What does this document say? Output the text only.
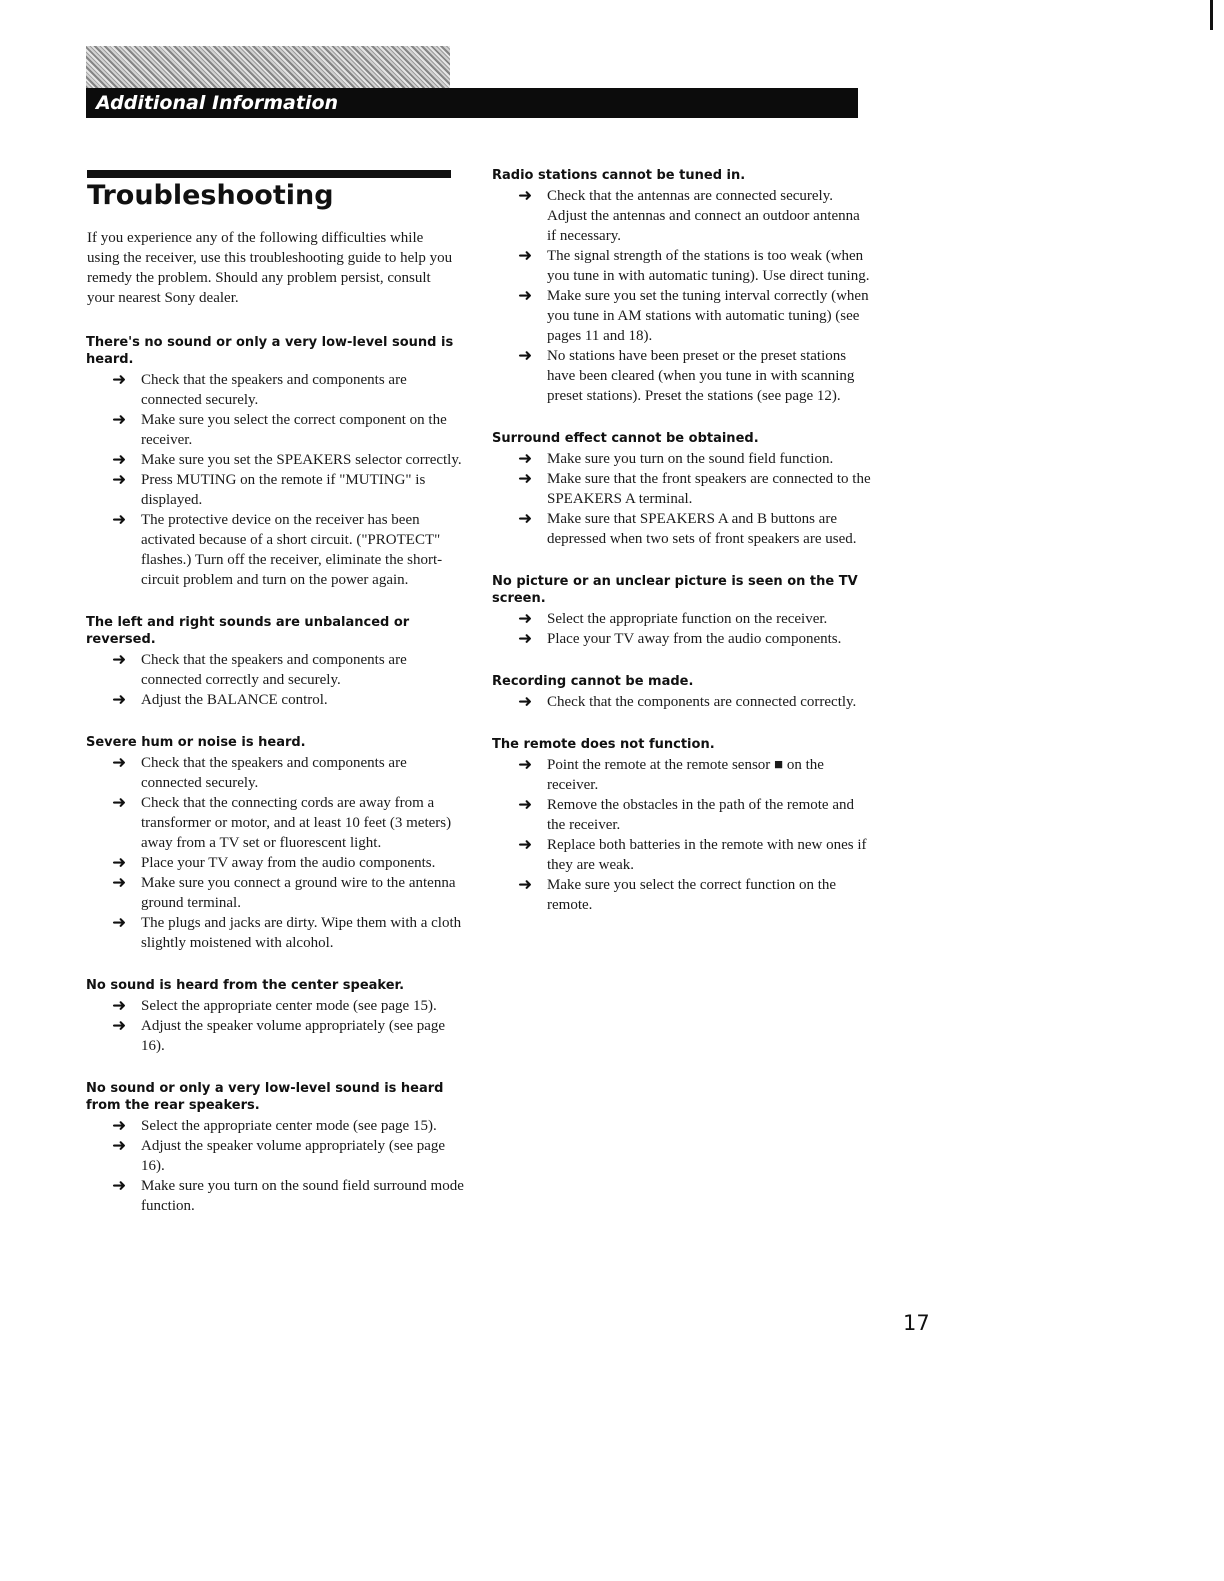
Additional Information
Troubleshooting

If you experience any of the following difficulties while using the receiver, use this troubleshooting guide to help you remedy the problem. Should any problem persist, consult your nearest Sony dealer.

There's no sound or only a very low-level sound is heard.
➜ Check that the speakers and components are connected securely.
➜ Make sure you select the correct component on the receiver.
➜ Make sure you set the SPEAKERS selector correctly.
➜ Press MUTING on the remote if "MUTING" is displayed.
➜ The protective device on the receiver has been activated because of a short circuit. ("PROTECT" flashes.) Turn off the receiver, eliminate the short-circuit problem and turn on the power again.
The left and right sounds are unbalanced or reversed.
➜ Check that the speakers and components are connected correctly and securely.
➜ Adjust the BALANCE control.
Severe hum or noise is heard.
➜ Check that the speakers and components are connected securely.
➜ Check that the connecting cords are away from a transformer or motor, and at least 10 feet (3 meters) away from a TV set or fluorescent light.
➜ Place your TV away from the audio components.
➜ Make sure you connect a ground wire to the antenna ground terminal.
➜ The plugs and jacks are dirty. Wipe them with a cloth slightly moistened with alcohol.
No sound is heard from the center speaker.
➜ Select the appropriate center mode (see page 15).
➜ Adjust the speaker volume appropriately (see page 16).
No sound or only a very low-level sound is heard from the rear speakers.
➜ Select the appropriate center mode (see page 15).
➜ Adjust the speaker volume appropriately (see page 16).
➜ Make sure you turn on the sound field surround mode function.
Radio stations cannot be tuned in.
➜ Check that the antennas are connected securely. Adjust the antennas and connect an outdoor antenna if necessary.
➜ The signal strength of the stations is too weak (when you tune in with automatic tuning). Use direct tuning.
➜ Make sure you set the tuning interval correctly (when you tune in AM stations with automatic tuning) (see pages 11 and 18).
➜ No stations have been preset or the preset stations have been cleared (when you tune in with scanning preset stations). Preset the stations (see page 12).
Surround effect cannot be obtained.
➜ Make sure you turn on the sound field function.
➜ Make sure that the front speakers are connected to the SPEAKERS A terminal.
➜ Make sure that SPEAKERS A and B buttons are depressed when two sets of front speakers are used.
No picture or an unclear picture is seen on the TV screen.
➜ Select the appropriate function on the receiver.
➜ Place your TV away from the audio components.
Recording cannot be made.
➜ Check that the components are connected correctly.
The remote does not function.
➜ Point the remote at the remote sensor ■ on the receiver.
➜ Remove the obstacles in the path of the remote and the receiver.
➜ Replace both batteries in the remote with new ones if they are weak.
➜ Make sure you select the correct function on the remote.
17
